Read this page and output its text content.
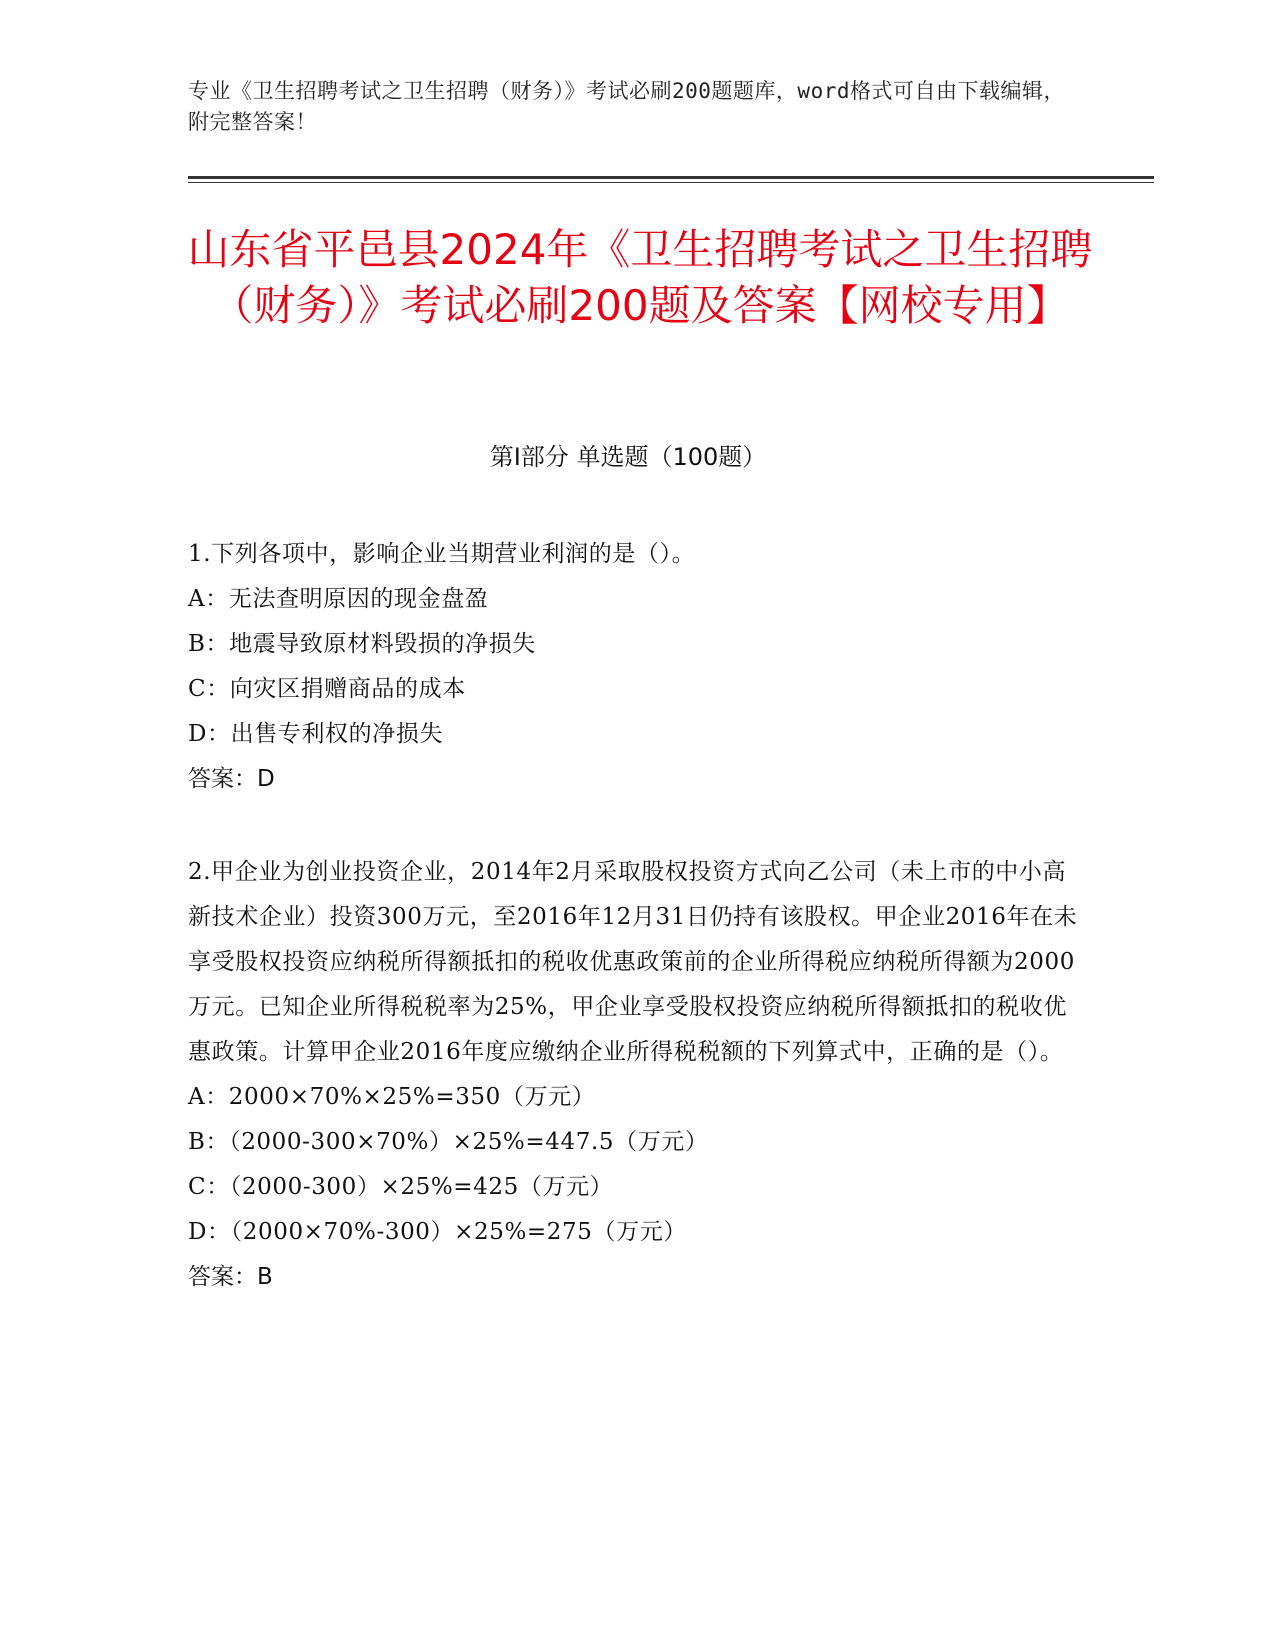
专业《卫生招聘考试之卫生招聘（财务）》考试必刷200题题库，word格式可自由下载编辑，附完整答案！
山东省平邑县2024年《卫生招聘考试之卫生招聘（财务）》考试必刷200题及答案【网校专用】
第I部分 单选题（100题）
1.下列各项中，影响企业当期营业利润的是（）。
A：无法查明原因的现金盘盈
B：地震导致原材料毁损的净损失
C：向灾区捐赠商品的成本
D：出售专利权的净损失
答案：D
2.甲企业为创业投资企业，2014年2月采取股权投资方式向乙公司（未上市的中小高新技术企业）投资300万元，至2016年12月31日仍持有该股权。甲企业2016年在未享受股权投资应纳税所得额抵扣的税收优惠政策前的企业所得税应纳税所得额为2000万元。已知企业所得税税率为25%，甲企业享受股权投资应纳税所得额抵扣的税收优惠政策。计算甲企业2016年度应缴纳企业所得税税额的下列算式中，正确的是（）。
A：2000×70%×25%=350（万元）
B：（2000-300×70%）×25%=447.5（万元）
C：（2000-300）×25%=425（万元）
D：（2000×70%-300）×25%=275（万元）
答案：B
